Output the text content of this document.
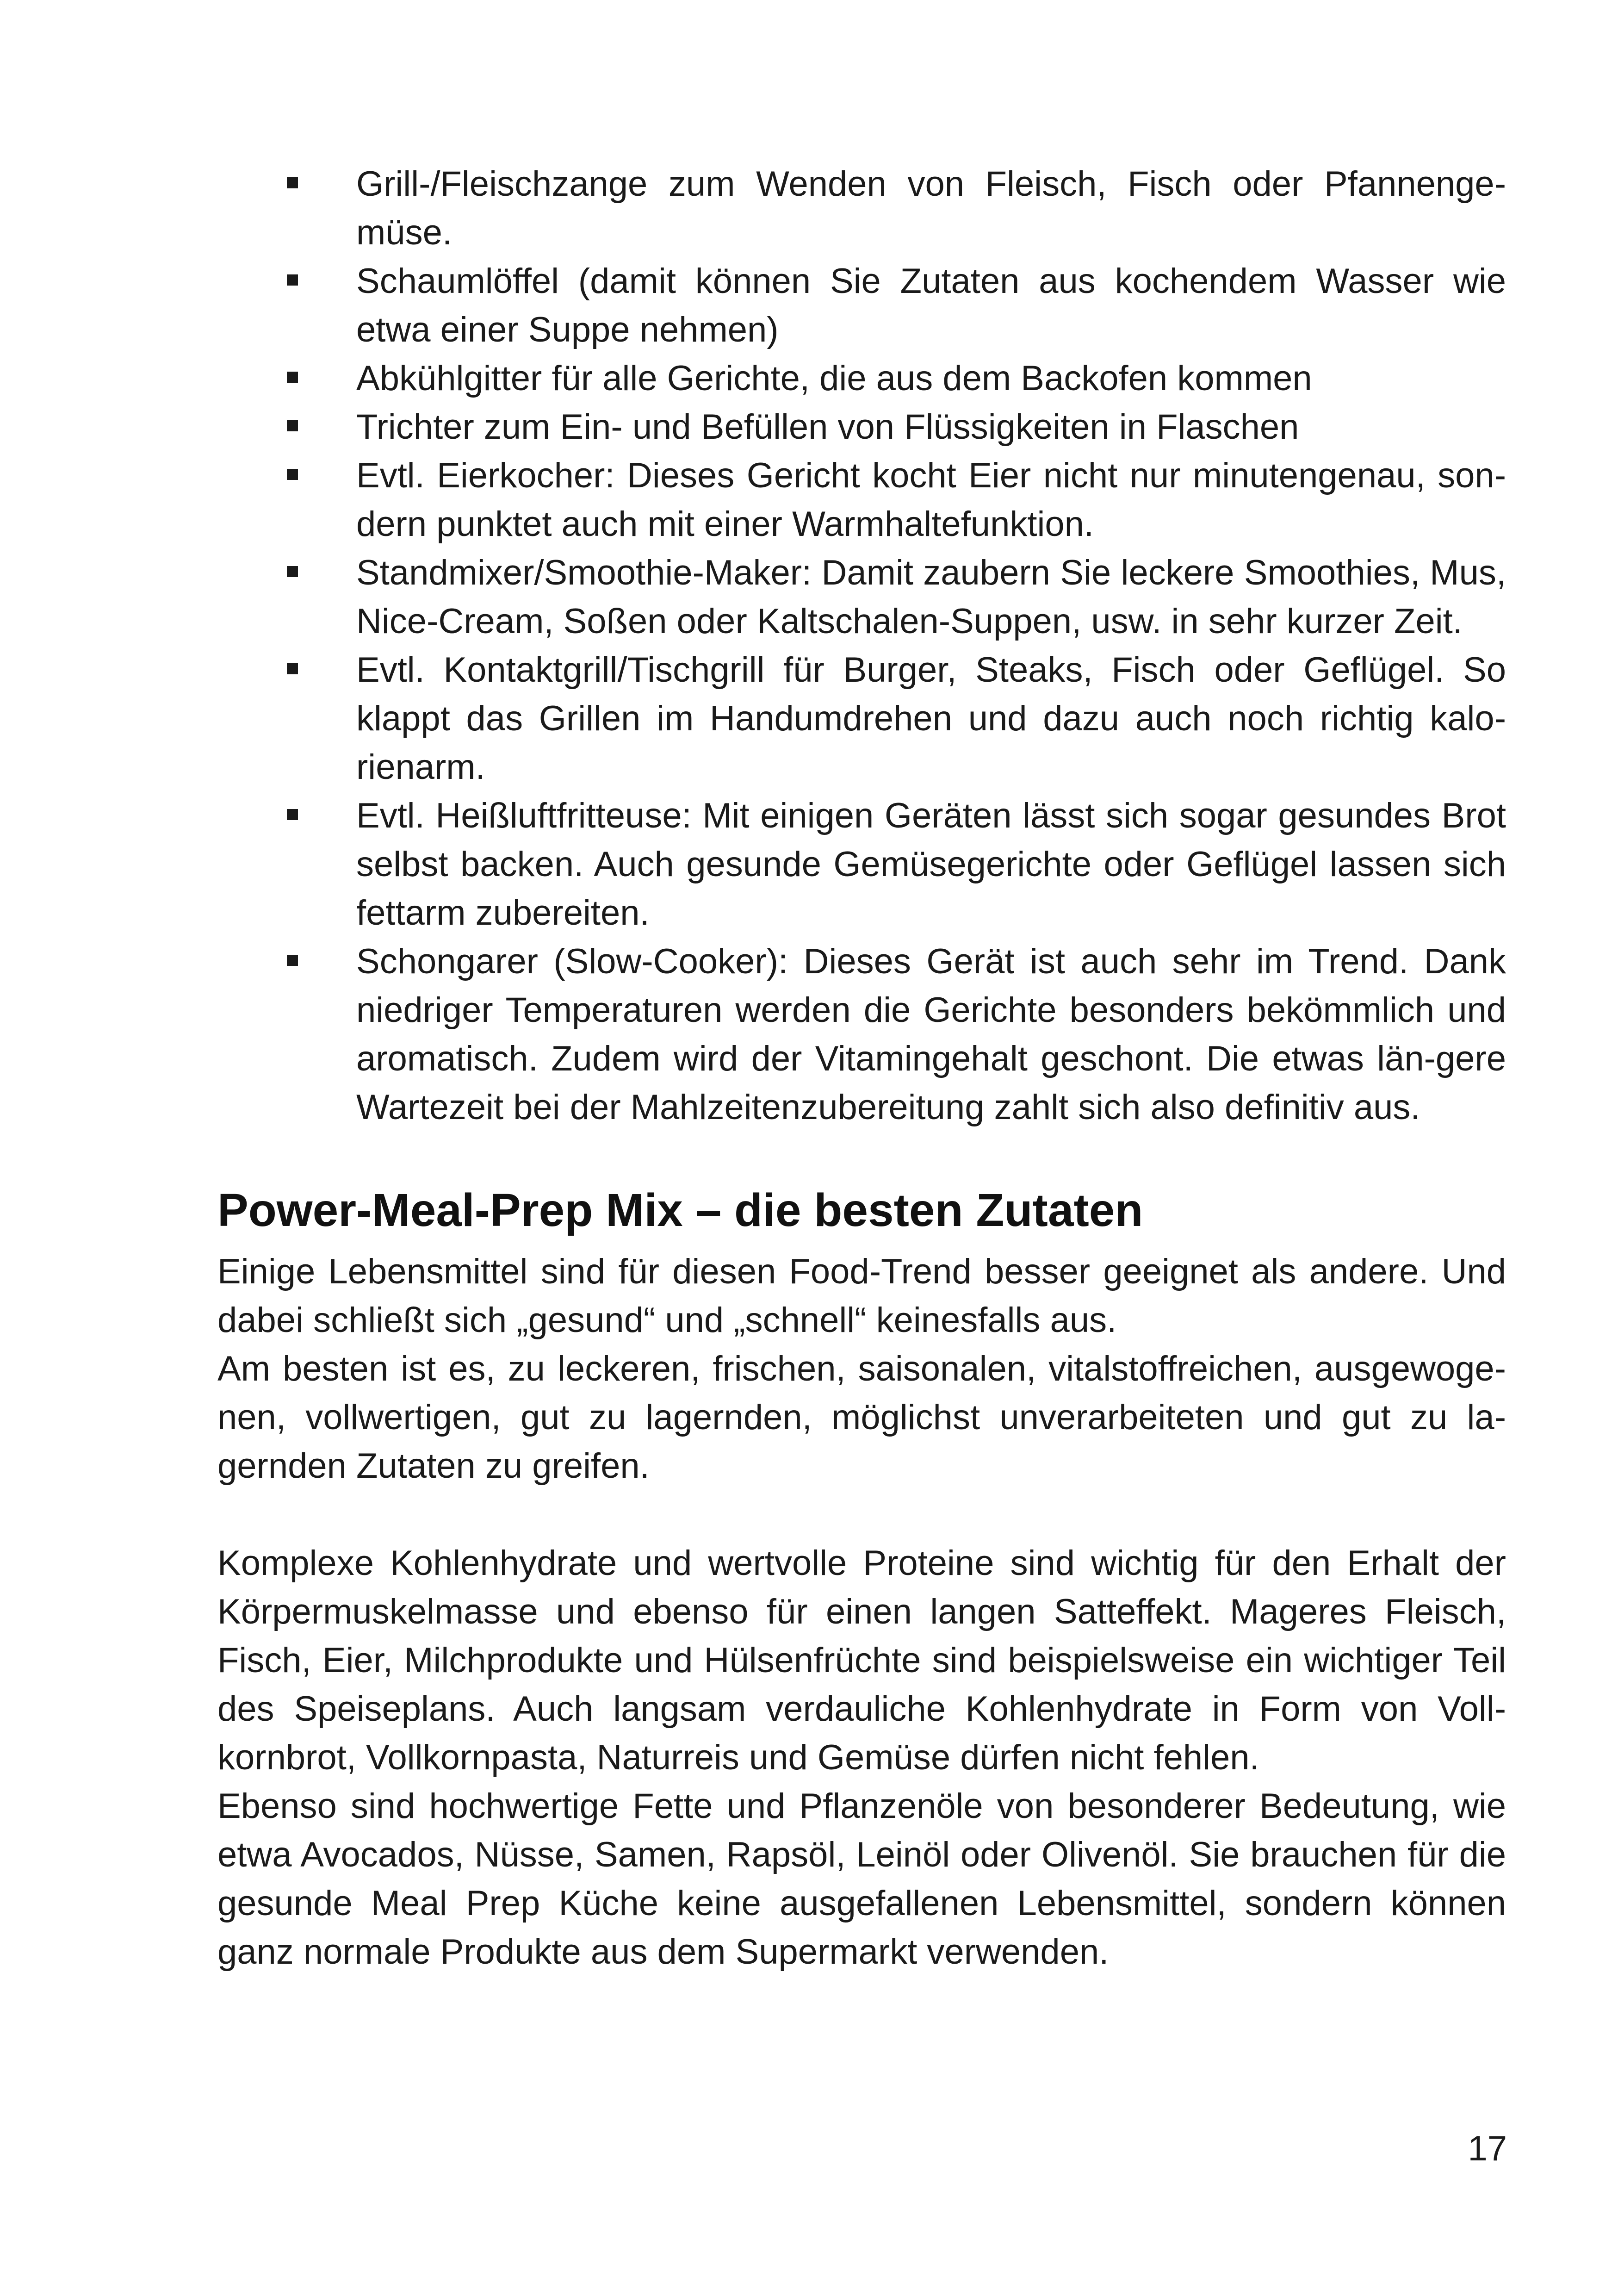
Grill-/Fleischzange zum Wenden von Fleisch, Fisch oder Pfannenge-müse.
Schaumlöffel (damit können Sie Zutaten aus kochendem Wasser wie etwa einer Suppe nehmen)
Abkühlgitter für alle Gerichte, die aus dem Backofen kommen
Trichter zum Ein- und Befüllen von Flüssigkeiten in Flaschen
Evtl. Eierkocher: Dieses Gericht kocht Eier nicht nur minutengenau, son-dern punktet auch mit einer Warmhaltefunktion.
Standmixer/Smoothie-Maker: Damit zaubern Sie leckere Smoothies, Mus, Nice-Cream, Soßen oder Kaltschalen-Suppen, usw. in sehr kurzer Zeit.
Evtl. Kontaktgrill/Tischgrill für Burger, Steaks, Fisch oder Geflügel. So klappt das Grillen im Handumdrehen und dazu auch noch richtig kalo-rienarm.
Evtl. Heißluftfritteuse: Mit einigen Geräten lässt sich sogar gesundes Brot selbst backen. Auch gesunde Gemüsegerichte oder Geflügel lassen sich fettarm zubereiten.
Schongarer (Slow-Cooker): Dieses Gerät ist auch sehr im Trend. Dank niedriger Temperaturen werden die Gerichte besonders bekömmlich und aromatisch. Zudem wird der Vitamingehalt geschont. Die etwas län-gere Wartezeit bei der Mahlzeitenzubereitung zahlt sich also definitiv aus.
Power-Meal-Prep Mix – die besten Zutaten

Einige Lebensmittel sind für diesen Food-Trend besser geeignet als andere. Und dabei schließt sich „gesund“ und „schnell“ keinesfalls aus.

Am besten ist es, zu leckeren, frischen, saisonalen, vitalstoffreichen, ausgewoge-nen, vollwertigen, gut zu lagernden, möglichst unverarbeiteten und gut zu la-gernden Zutaten zu greifen.

Komplexe Kohlenhydrate und wertvolle Proteine sind wichtig für den Erhalt der Körpermuskelmasse und ebenso für einen langen Satteffekt. Mageres Fleisch, Fisch, Eier, Milchprodukte und Hülsenfrüchte sind beispielsweise ein wichtiger Teil des Speiseplans. Auch langsam verdauliche Kohlenhydrate in Form von Voll-kornbrot, Vollkornpasta, Naturreis und Gemüse dürfen nicht fehlen.

Ebenso sind hochwertige Fette und Pflanzenöle von besonderer Bedeutung, wie etwa Avocados, Nüsse, Samen, Rapsöl, Leinöl oder Olivenöl. Sie brauchen für die gesunde Meal Prep Küche keine ausgefallenen Lebensmittel, sondern können ganz normale Produkte aus dem Supermarkt verwenden.

17
